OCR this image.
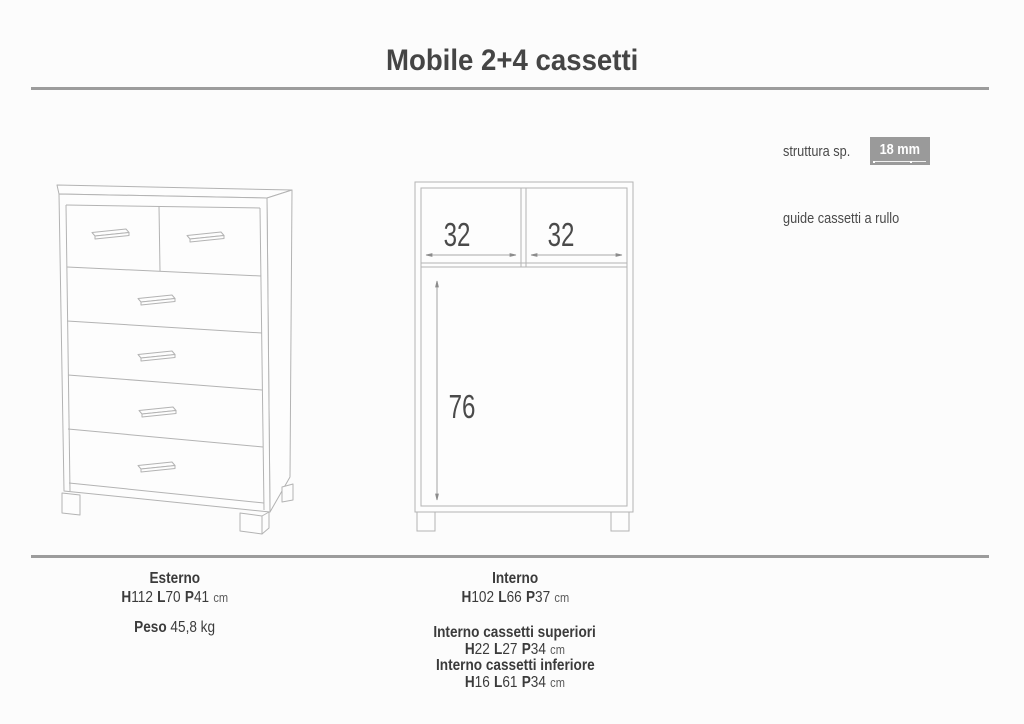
Mobile 2+4 cassetti
32 32
76
struttura sp.	18 mm
guide cassetti a rullo
Esterno
H112 L70 P41 cm
Peso 45,8 kg
Interno
H102 L66 P37 cm
Interno cassetti superiori
H22 L27 P34 cm
Interno cassetti inferiore
H16 L61 P34 cm
